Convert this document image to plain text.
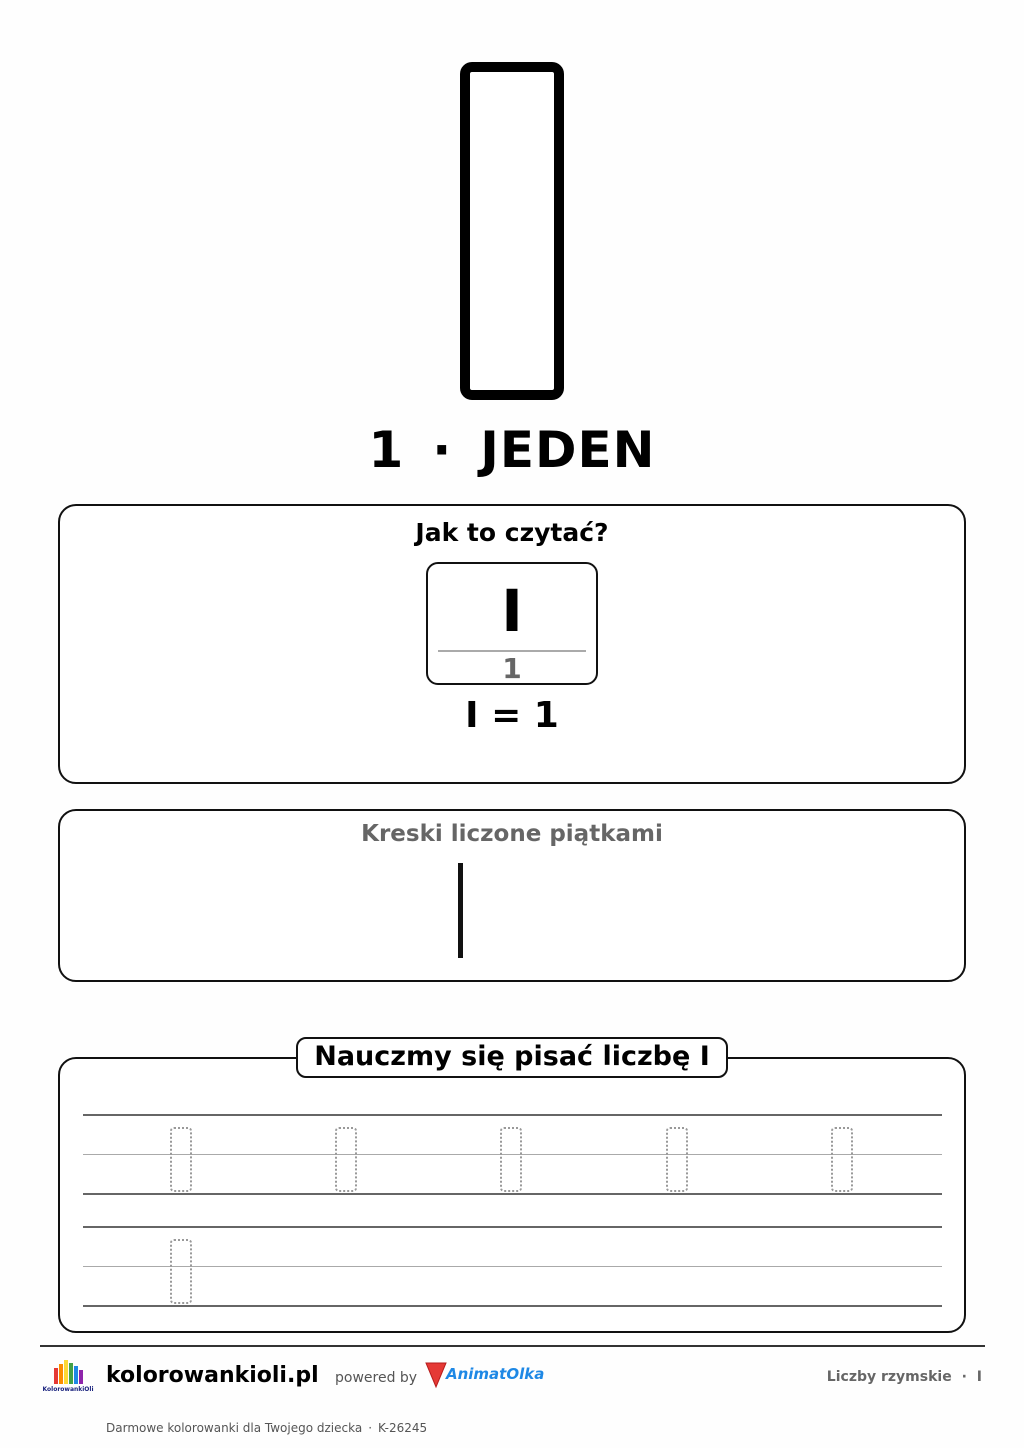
1 · JEDEN
Jak to czytać?
I
1
I = 1
Kreski liczone piątkami
Nauczmy się pisać liczbę I
KolorowankiOli
kolorowankioli.pl powered by AnimatOlka	Liczby rzymskie · I
Darmowe kolorowanki dla Twojego dziecka · K-26245
